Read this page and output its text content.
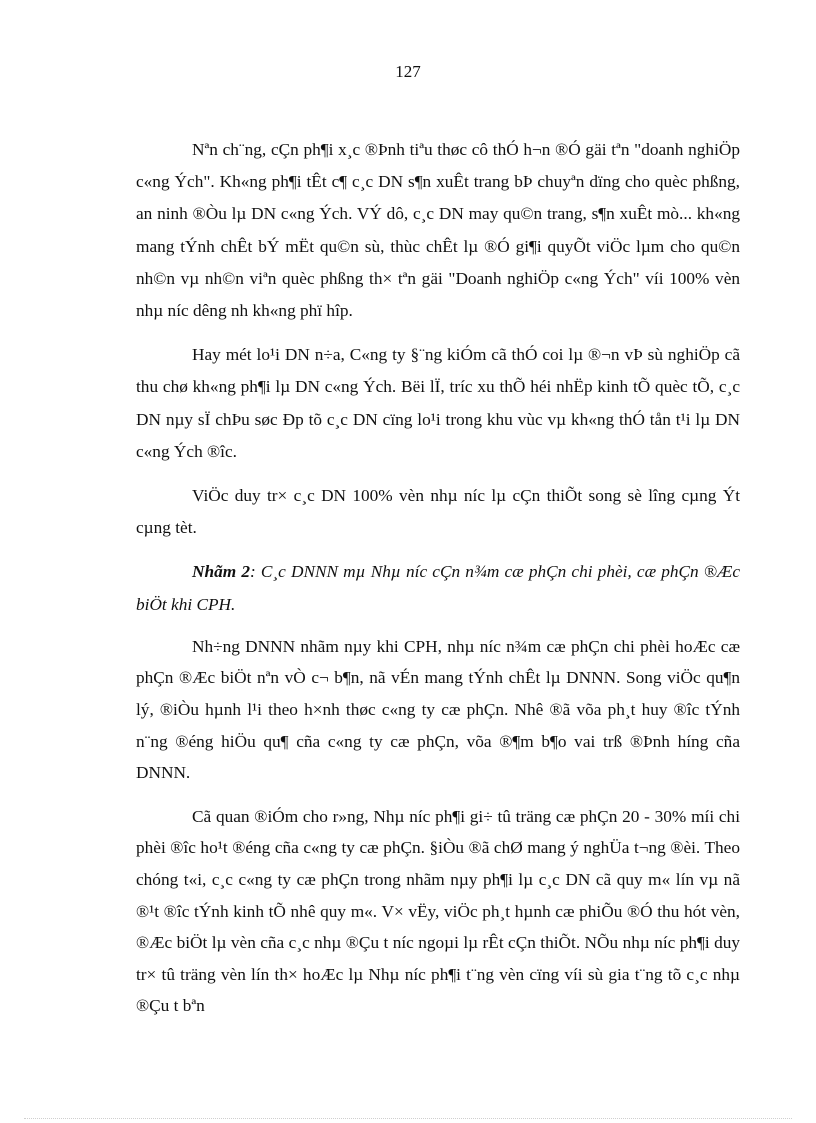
127

Nªn ch¨ng, cÇn ph¶i x¸c ®Þnh tiªu thøc cô thÓ h¬n ®Ó gäi tªn "doanh nghiÖp c«ng Ých". Kh«ng ph¶i tÊt c¶ c¸c DN s¶n xuÊt trang bÞ chuyªn dïng cho quèc phßng, an ninh ®Òu lµ DN c«ng Ých. VÝ dô, c¸c DN may qu©n trang, s¶n xuÊt mò... kh«ng mang tÝnh chÊt bÝ mËt qu©n sù, thùc chÊt lµ ®Ó gi¶i quyÕt viÖc lµm cho qu©n nh©n vµ nh©n viªn quèc phßng th× tªn gäi "Doanh nghiÖp c«ng Ých" víi 100% vèn nhµ níc dêng nh kh«ng phï hîp.

Hay mét lo¹i DN n÷a, C«ng ty §¨ng kiÓm cã thÓ coi lµ ®¬n vÞ sù nghiÖp cã thu chø kh«ng ph¶i lµ DN c«ng Ých. Bëi lÏ, tríc xu thÕ héi nhËp kinh tÕ quèc tÕ, c¸c DN nµy sÏ chÞu søc Ðp tõ c¸c DN cïng lo¹i trong khu vùc vµ kh«ng thÓ tån t¹i lµ DN c«ng Ých ®îc.

ViÖc duy tr× c¸c DN 100% vèn nhµ níc lµ cÇn thiÕt song sè lîng cµng Ýt cµng tèt.

Nhãm 2: C¸c DNNN mµ Nhµ níc cÇn n¾m cæ phÇn chi phèi, cæ phÇn ®Æc biÖt khi CPH.

Nh÷ng DNNN nhãm nµy khi CPH, nhµ níc n¾m cæ phÇn chi phèi hoÆc cæ phÇn ®Æc biÖt nªn vÒ c¬ b¶n, nã vÉn mang tÝnh chÊt lµ DNNN. Song viÖc qu¶n lý, ®iÒu hµnh l¹i theo h×nh thøc c«ng ty cæ phÇn. Nhê ®ã võa ph¸t huy ®îc tÝnh n¨ng ®éng hiÖu qu¶ cña c«ng ty cæ phÇn, võa ®¶m b¶o vai trß ®Þnh híng cña DNNN.

Cã quan ®iÓm cho r»ng, Nhµ níc ph¶i gi÷ tû träng cæ phÇn 20 - 30% míi chi phèi ®îc ho¹t ®éng cña c«ng ty cæ phÇn. §iÒu ®ã chØ mang ý nghÜa t¬ng ®èi. Theo chóng t«i, c¸c c«ng ty cæ phÇn trong nhãm nµy ph¶i lµ c¸c DN cã quy m« lín vµ nã ®¹t ®îc tÝnh kinh tÕ nhê quy m«. V× vËy, viÖc ph¸t hµnh cæ phiÕu ®Ó thu hót vèn, ®Æc biÖt lµ vèn cña c¸c nhµ ®Çu t níc ngoµi lµ rÊt cÇn thiÕt. NÕu nhµ níc ph¶i duy tr× tû träng vèn lín th× hoÆc lµ Nhµ níc ph¶i t¨ng vèn cïng víi sù gia t¨ng tõ c¸c nhµ ®Çu t bªn
